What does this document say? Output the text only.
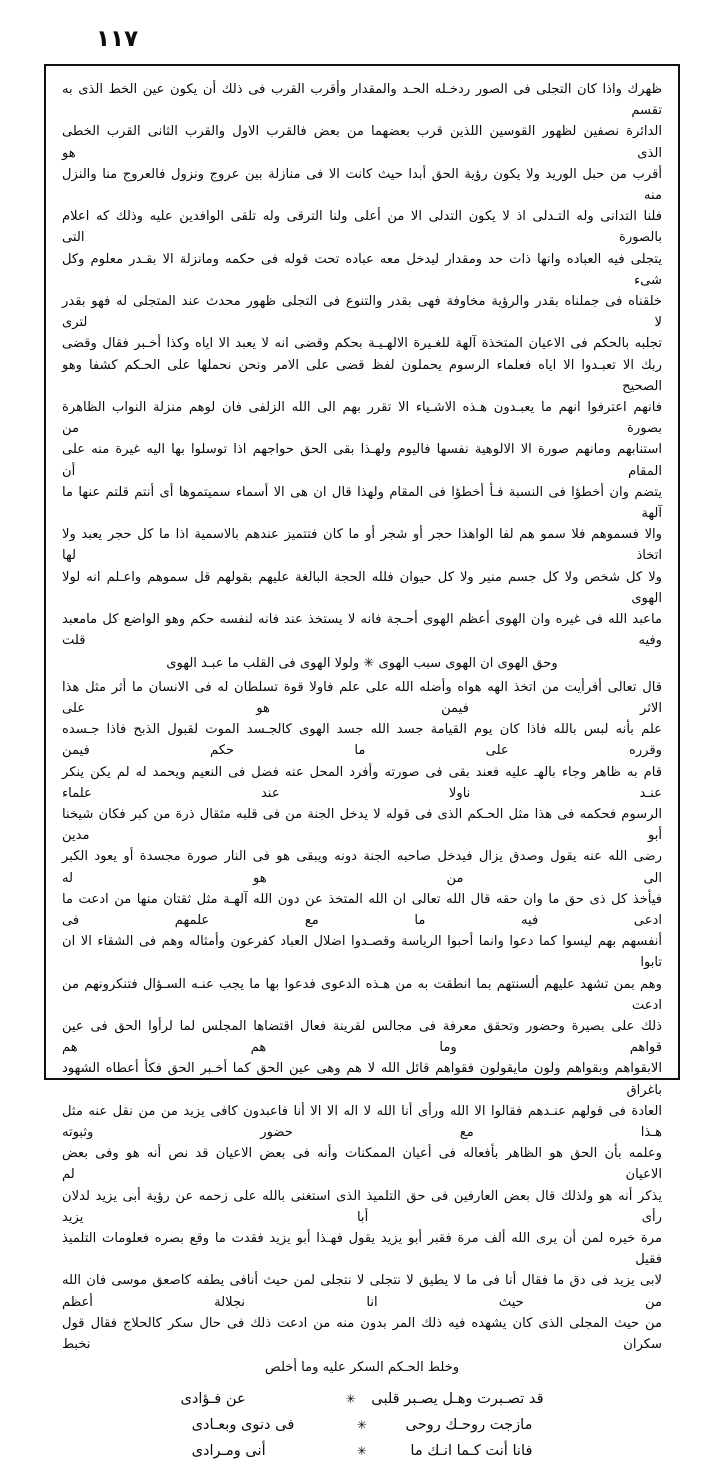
١١٧

ظهرك واذا كان التجلى فى الصور ردخـله الحـد والمقدار وأقرب القرب فى ذلك أن يكون عين الخط الذى به تقسم

الدائرة نصفين لظهور القوسين اللذين قرب بعضهما من بعض فالقرب الاول والقرب الثانى القرب الخطى الذى هو

أقرب من حبل الوريد ولا يكون رؤية الحق أبدا حيث كانت الا فى منازلة بين عروج ونزول فالعروج منا والنزل منه

فلنا التدانى وله التـدلى اذ لا يكون التدلى الا من أعلى ولنا الترقى وله تلقى الوافدين عليه وذلك كه اعلام بالصورة التى

يتجلى فيه العباده وانها ذات حد ومقدار ليدخل معه عباده تحت قوله فى حكمه ومانزلة الا بقـدر معلوم وكل شىء

خلقناه فى جملناه بقدر والرؤية مخاوفة فهى بقدر والتنوع فى التجلى ظهور محدث عند المتجلى له فهو بقدر لا لترى

تجلبه بالحكم فى الاعيان المتخذة آلهة للغـيرة الالهـيـة بحكم وقضى انه لا يعبد الا اياه وكذا أخـبر فقال وقضى

ربك الا تعبـدوا الا اياه فعلماء الرسوم يحملون لفظ قضى على الامر ونحن نحملها على الحـكم كشفا وهو الصحيح

فانهم اعترفوا انهم ما يعبـدون هـذه الاشـياء الا تقرر بهم الى الله الزلفى فان لوهم منزلة النواب الظاهرة بصورة من

استنابهم ومانهم صورة الا الالوهية نفسها فاليوم ولهـذا بقى الحق حواجهم اذا توسلوا بها اليه غيرة منه على المقام أن

يتضم وان أخطؤا فى النسبة فـأ أخطؤا فى المقام ولهذا قال ان هى الا أسماء سميتموها أى أنتم قلتم عنها ما آلهة

والا فسموهم فلا سمو هم لفا الواهذا حجر أو شجر أو ما كان فتتميز عندهم بالاسمية اذا ما كل حجر يعبد ولا اتخاذ لها

ولا كل شخص ولا كل جسم منير ولا كل حيوان فلله الحجة البالغة عليهم بقولهم قل سموهم واعـلم انه لولا الهوى

ماعبد الله فى غيره وان الهوى أعظم الهوى أحـجة فانه لا يستخذ عند فانه لنفسه حكم وهو الواضع كل مامعبد وفيه قلت

وحق الهوى ان الهوى سبب الهوى ✳ ولولا الهوى فى القلب ما عبـد الهوى

قال تعالى أفرأيت من اتخذ الهه هواه وأضله الله على علم فاولا قوة تسلطان له فى الانسان ما أثر مثل هذا الاثر فيمن هو على

علم بأنه لبس بالله فاذا كان يوم القيامة جسد الله جسد الهوى كالجـسد الموت لقبول الذبح فاذا جـسده وقرره على ما حكم فيمن

قام به ظاهر وجاء بالهـ عليه فعند بقى فى صورته وأفرد المحل عنه فضل فى النعيم ويحمد له لم يكن ينكر عنـد ناولا عند علماء

الرسوم فحكمه فى هذا مثل الحـكم الذى فى قوله لا يدخل الجنة من فى قلبه مثقال ذرة من كبر فكان شيخنا أبو مدين

رضى الله عنه يقول وصدق يزال فيدخل صاحبه الجنة دونه ويبقى هو فى النار صورة مجسدة أو يعود الكبر الى من هو له

فيأخذ كل ذى حق ما وان حقه قال الله تعالى ان الله المتخذ عن دون الله آلهـة مثل ثقتان منها من ادعت ما ادعى فيه ما مع علمهم فى

أنفسهم بهم ليسوا كما دعوا وانما أحبوا الرياسة وقصـدوا اضلال العباد كفرعون وأمثاله وهم فى الشقاء الا ان تابوا

وهم بمن تشهد عليهم ألسنتهم بما انطقت به من هـذه الدعوى فدعوا بها ما يجب عنـه السـؤال فتنكرونهم من ادعت

ذلك على بصيرة وحضور وتحقق معرفة فى مجالس لقرينة فعال اقتضاها المجلس لما لرأوا الحق فى عين قواهم وما هم هم

الابقواهم وبقواهم ولون مايقولون فقواهم قائل الله لا هم وهى عين الحق كما أخـبر الحق فكأ أعطاه الشهود باغراق

العادة فى قولهم عنـدهم فقالوا الا الله ورأى أنا الله لا اله الا الا أنا فاعبدون كافى يزيد من من نقل عنه مثل هـذا مع حضور وثبوته

وعلمه بأن الحق هو الظاهر بأفعاله فى أعيان الممكنات وأنه فى بعض الاعيان قد نص أنه هو وفى بعض الاعيان لم

يذكر أنه هو ولذلك قال بعض العارفين فى حق التلميذ الذى استغنى بالله على زحمه عن رؤية أبى يزيد لدلان رأى أبا يزيد

مرة خيره لمن أن يرى الله ألف مرة فقبر أبو يزيد يقول فهـذا أبو يزيد فقدت ما وقع بصره فعلومات التلميذ فقيل

لابى يزيد فى دق ما فقال أنا فى ما لا يطيق لا نتجلى لا نتجلى لمن حيث أنافى يطفه كاصعق موسى فان الله من حيث انا نجلالة أعظم

من حيث المجلى الذى كان يشهده فيه ذلك المر بدون منه من ادعت ذلك فى حال سكر كالحلاج فقال قول سكران نخبط

وخلط الحـكم السكر عليه وما أخلص

قد تصـبرت وهـل يصـبر قلبى ✳ عن فـؤادى
مازجت روحـك روحى ✳ فى دنوى وبعـادى
فانا أنت كـما انـك ما ✳ أنى ومـرادى
